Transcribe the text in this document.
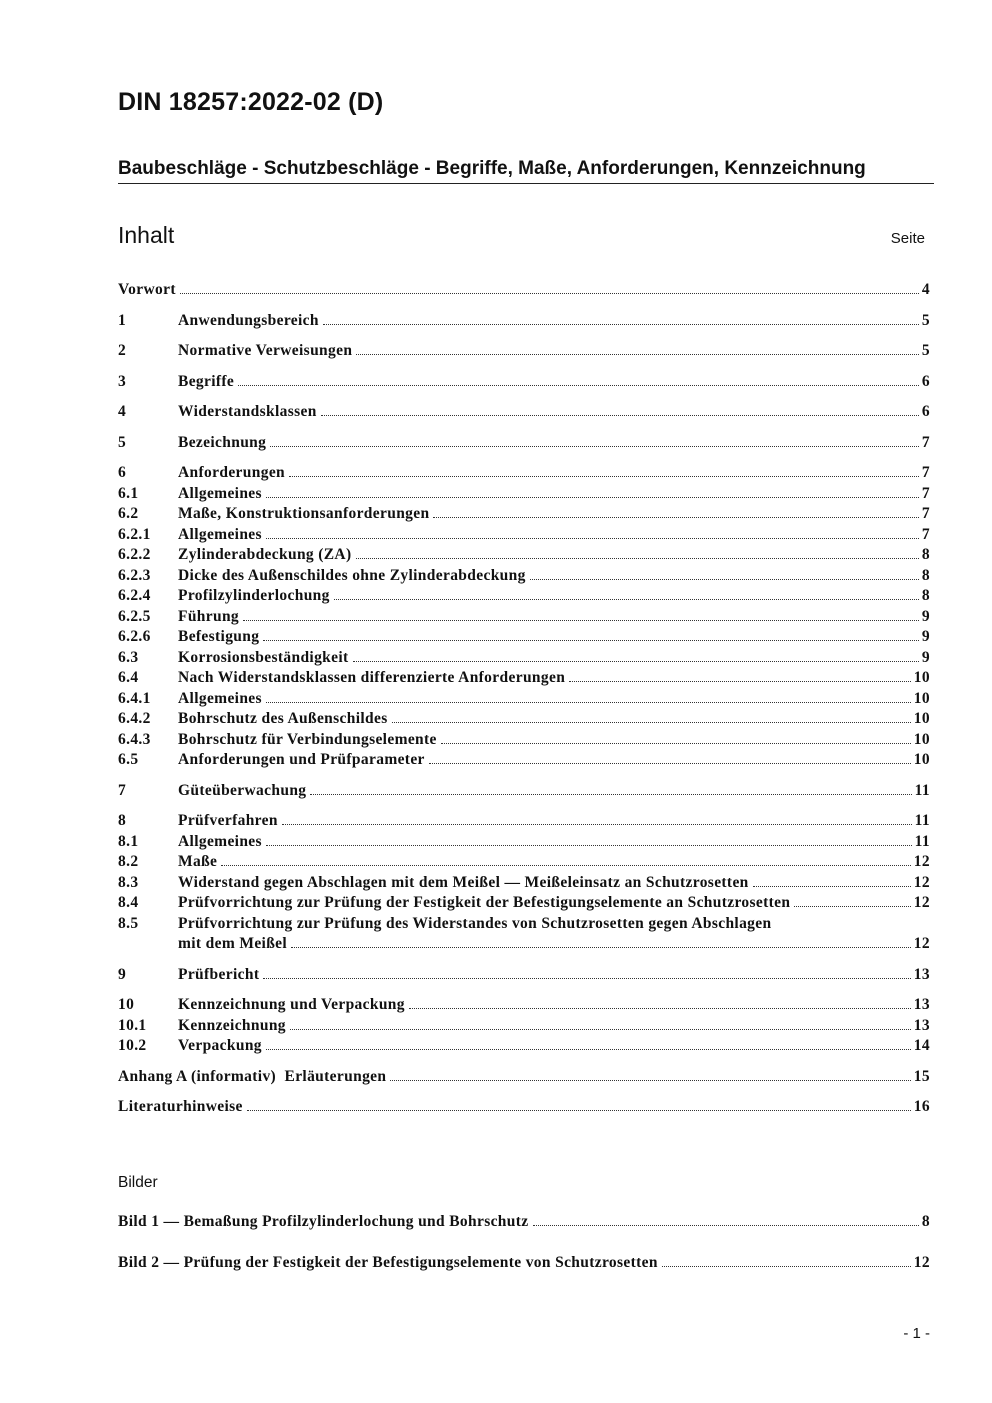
DIN 18257:2022-02 (D)
Baubeschläge - Schutzbeschläge - Begriffe, Maße, Anforderungen, Kennzeichnung
Inhalt	Seite
Vorwort	4
1	Anwendungsbereich	5
2	Normative Verweisungen	5
3	Begriffe	6
4	Widerstandsklassen	6
5	Bezeichnung	7
6	Anforderungen	7
6.1	Allgemeines	7
6.2	Maße, Konstruktionsanforderungen	7
6.2.1	Allgemeines	7
6.2.2	Zylinderabdeckung (ZA)	8
6.2.3	Dicke des Außenschildes ohne Zylinderabdeckung	8
6.2.4	Profilzylinderlochung	8
6.2.5	Führung	9
6.2.6	Befestigung	9
6.3	Korrosionsbeständigkeit	9
6.4	Nach Widerstandsklassen differenzierte Anforderungen	10
6.4.1	Allgemeines	10
6.4.2	Bohrschutz des Außenschildes	10
6.4.3	Bohrschutz für Verbindungselemente	10
6.5	Anforderungen und Prüfparameter	10
7	Güteüberwachung	11
8	Prüfverfahren	11
8.1	Allgemeines	11
8.2	Maße	12
8.3	Widerstand gegen Abschlagen mit dem Meißel — Meißeleinsatz an Schutzrosetten	12
8.4	Prüfvorrichtung zur Prüfung der Festigkeit der Befestigungselemente an Schutzrosetten	12
8.5	Prüfvorrichtung zur Prüfung des Widerstandes von Schutzrosetten gegen Abschlagen
mit dem Meißel	12
9	Prüfbericht	13
10	Kennzeichnung und Verpackung	13
10.1	Kennzeichnung	13
10.2	Verpackung	14
Anhang A (informativ)  Erläuterungen	15
Literaturhinweise	16
Bilder
Bild 1 — Bemaßung Profilzylinderlochung und Bohrschutz	8
Bild 2 — Prüfung der Festigkeit der Befestigungselemente von Schutzrosetten	12
- 1 -
